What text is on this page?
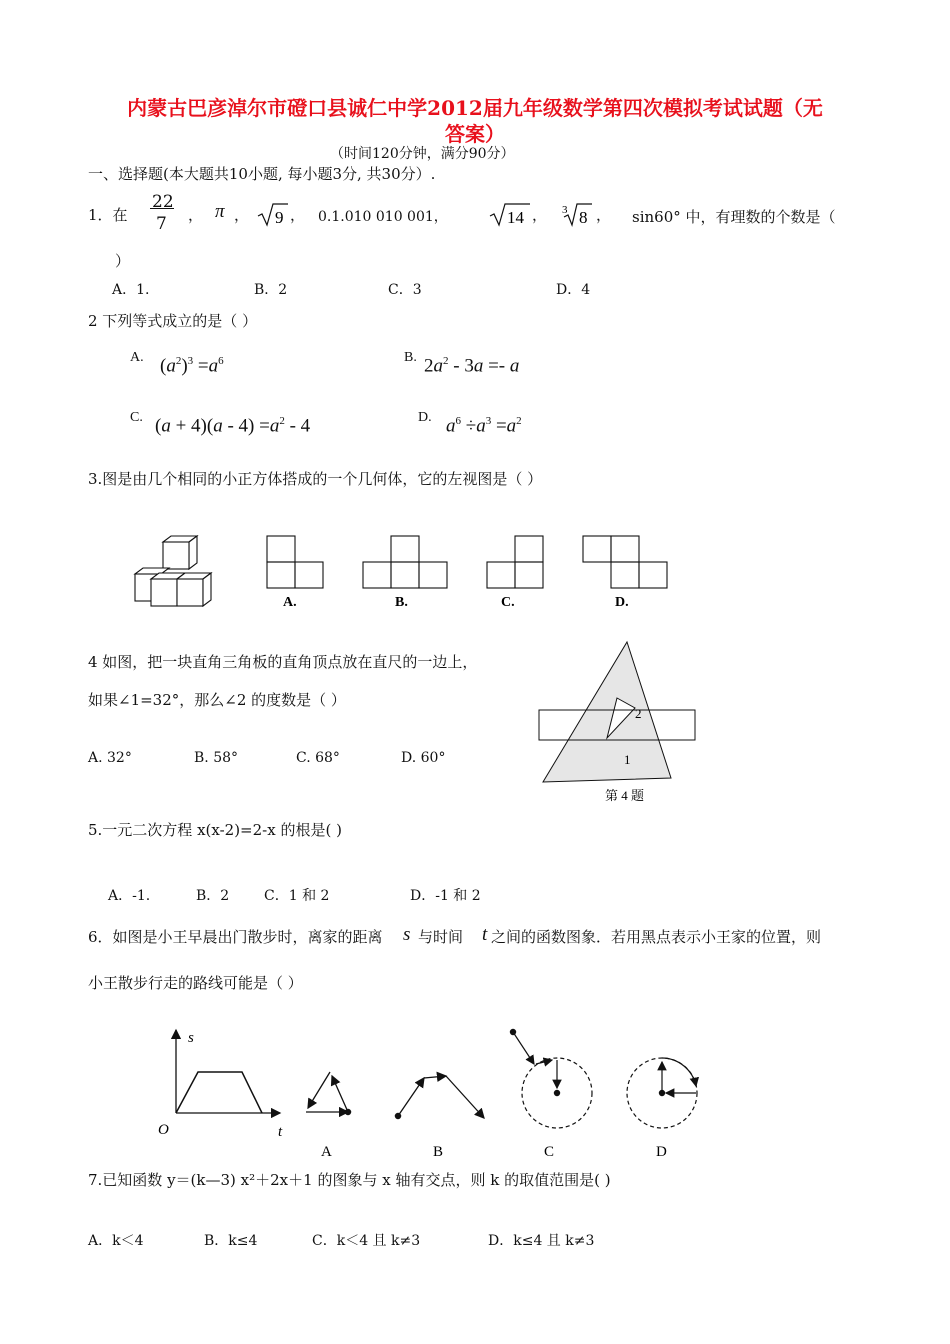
内蒙古巴彦淖尔市磴口县诚仁中学2012届九年级数学第四次模拟考试试题（无
答案）
（时间120分钟，满分90分）
一、选择题(本大题共10小题, 每小题3分, 共30分）.
1．在
22
7 ， π ， 9 ， 0.1.010 010 001，	14 ， 3 8 ， sin60° 中，有理数的个数是（
）
A．1.	B．2	C．3	D．4
2 下列等式成立的是（ ）
A. $(a^2)^3 =a^6$	B. $2a^2 - 3a =- a$
C. $(a + 4)(a - 4) =a^2 - 4$	D. $a^6 \div a^3 =a^2$
3.图是由几个相同的小正方体搭成的一个几何体，它的左视图是（ ）
A.	B.	C.	D.
4 如图，把一块直角三角板的直角顶点放在直尺的一边上，
如果∠1=32°，那么∠2 的度数是（ ）
A. 32°	B. 58°	C. 68°	D. 60°
2
1
第 4 题
5.一元二次方程 x(x-2)=2-x 的根是( )
A．-1.	B．2 C．1 和 2	D．-1 和 2
6．如图是小王早晨出门散步时，离家的距离 s 与时间 t 之间的函数图象．若用黑点表示小王家的位置，则
小王散步行走的路线可能是（ ）
s
O	t
A	B	C	D
7.已知函数 y＝(k—3) x²＋2x＋1 的图象与 x 轴有交点，则 k 的取值范围是( )
A．k＜4	B．k≤4	C．k＜4 且 k≠3	D．k≤4 且 k≠3
